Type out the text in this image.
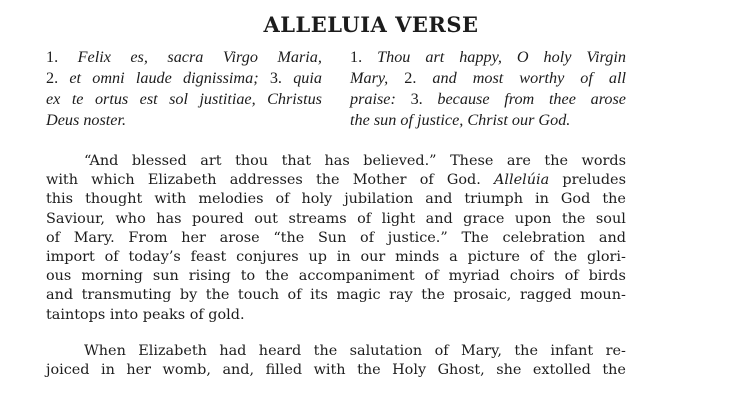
ALLELUIA VERSE
1. Felix es, sacra Virgo Maria,
2. et omni laude dignissima; 3. quia
ex te ortus est sol justitiae, Christus
Deus noster.
1. Thou art happy, O holy Virgin
Mary, 2. and most worthy of all
praise: 3. because from thee arose
the sun of justice, Christ our God.
“And blessed art thou that has believed.” These are the words
with which Elizabeth addresses the Mother of God. Allelúia preludes
this thought with melodies of holy jubilation and triumph in God the
Saviour, who has poured out streams of light and grace upon the soul
of Mary. From her arose “the Sun of justice.” The celebration and
import of today’s feast conjures up in our minds a picture of the glori-
ous morning sun rising to the accompaniment of myriad choirs of birds
and transmuting by the touch of its magic ray the prosaic, ragged moun-
taintops into peaks of gold.
When Elizabeth had heard the salutation of Mary, the infant re-
joiced in her womb, and, filled with the Holy Ghost, she extolled the
